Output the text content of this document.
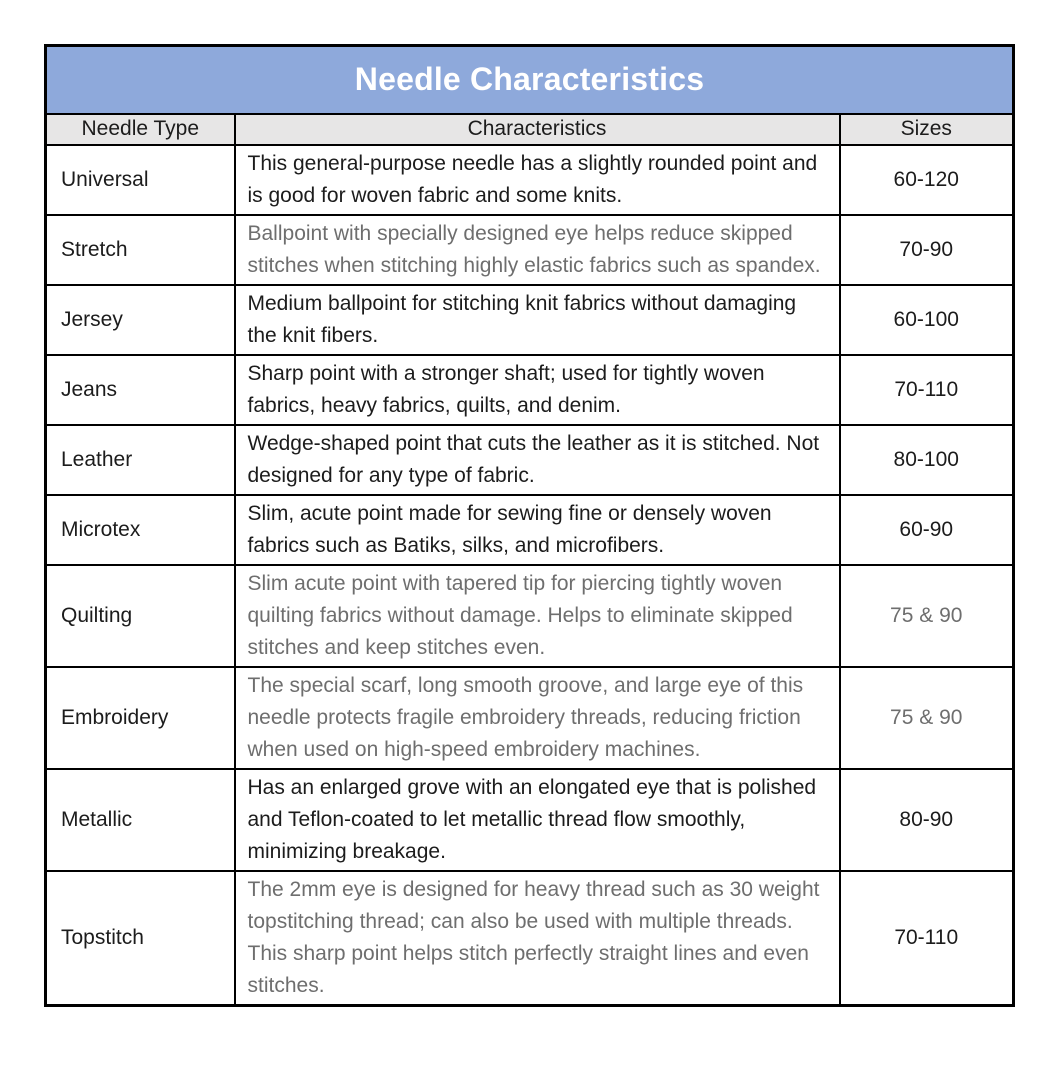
Needle Characteristics		
Needle Type	Characteristics	Sizes
Universal	This general-purpose needle has a slightly rounded point and is good for woven fabric and some knits.	60-120
Stretch	Ballpoint with specially designed eye helps reduce skipped stitches when stitching highly elastic fabrics such as spandex.	70-90
Jersey	Medium ballpoint for stitching knit fabrics without damaging the knit fibers.	60-100
Jeans	Sharp point with a stronger shaft; used for tightly woven fabrics, heavy fabrics, quilts, and denim.	70-110
Leather	Wedge-shaped point that cuts the leather as it is stitched. Not designed for any type of fabric.	80-100
Microtex	Slim, acute point made for sewing fine or densely woven fabrics such as Batiks, silks, and microfibers.	60-90
Quilting	Slim acute point with tapered tip for piercing tightly woven quilting fabrics without damage. Helps to eliminate skipped stitches and keep stitches even.	75 & 90
Embroidery	The special scarf, long smooth groove, and large eye of this needle protects fragile embroidery threads, reducing friction when used on high-speed embroidery machines.	75 & 90
Metallic	Has an enlarged grove with an elongated eye that is polished and Teflon-coated to let metallic thread flow smoothly, minimizing breakage.	80-90
Topstitch	The 2mm eye is designed for heavy thread such as 30 weight topstitching thread; can also be used with multiple threads. This sharp point helps stitch perfectly straight lines and even stitches.	70-110
